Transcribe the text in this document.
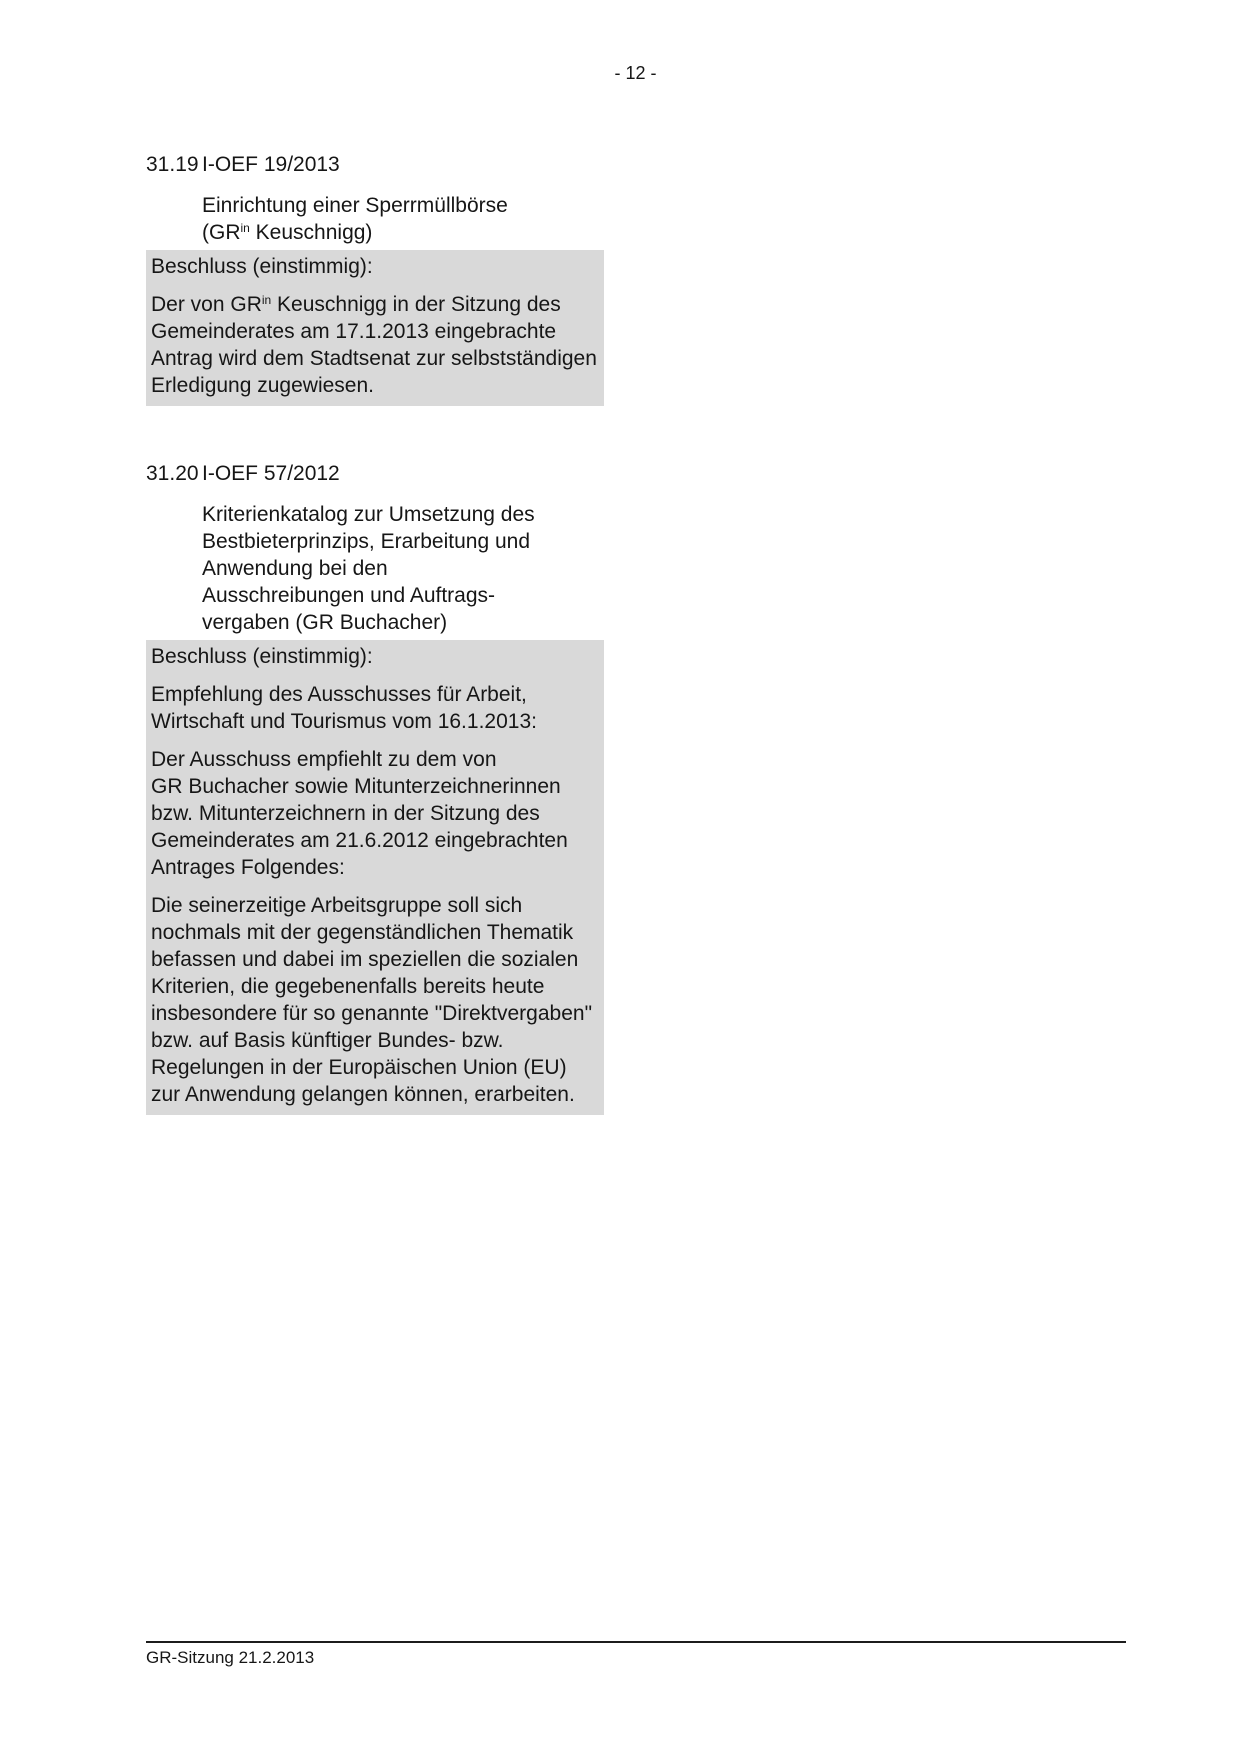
- 12 -
31.19 I-OEF 19/2013
Einrichtung einer Sperrmüllbörse ($GR^{in}$ Keuschnigg)

Beschluss (einstimmig):

Der von $GR^{in}$ Keuschnigg in der Sitzung des Gemeinderates am 17.1.2013 eingebrachte Antrag wird dem Stadtsenat zur selbstständigen Erledigung zugewiesen.

31.20 I-OEF 57/2012
Kriterienkatalog zur Umsetzung des Bestbieterprinzips, Erarbeitung und Anwendung bei den Ausschreibungen und Auftragsvergaben (GR Buchacher)

Beschluss (einstimmig):

Empfehlung des Ausschusses für Arbeit, Wirtschaft und Tourismus vom 16.1.2013:

Der Ausschuss empfiehlt zu dem von GR Buchacher sowie Mitunterzeichnerinnen bzw. Mitunterzeichnern in der Sitzung des Gemeinderates am 21.6.2012 eingebrachten Antrages Folgendes:

Die seinerzeitige Arbeitsgruppe soll sich nochmals mit der gegenständlichen Thematik befassen und dabei im speziellen die sozialen Kriterien, die gegebenenfalls bereits heute insbesondere für so genannte "Direktvergaben" bzw. auf Basis künftiger Bundes- bzw. Regelungen in der Europäischen Union (EU) zur Anwendung gelangen können, erarbeiten.

GR-Sitzung 21.2.2013
